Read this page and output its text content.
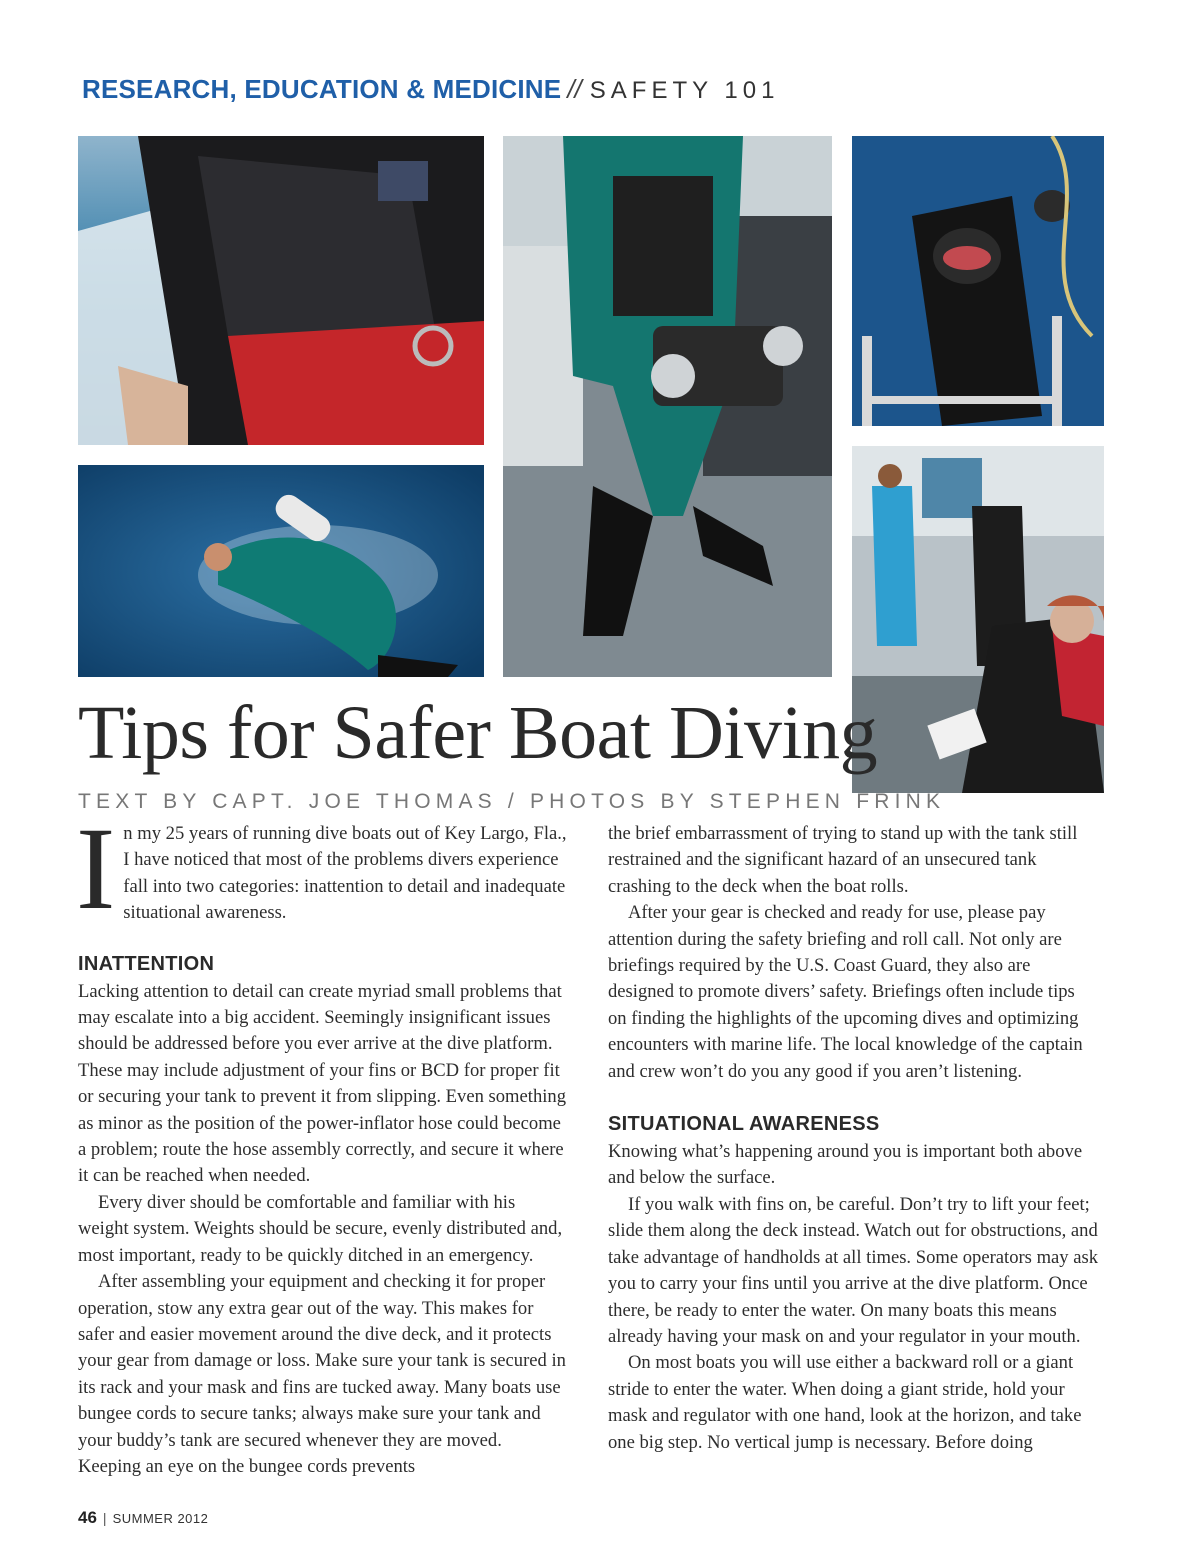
RESEARCH, EDUCATION & MEDICINE // SAFETY 101
Tips for Safer Boat Diving
TEXT BY CAPT. JOE THOMAS / PHOTOS BY STEPHEN FRINK

In my 25 years of running dive boats out of Key Largo, Fla., I have noticed that most of the problems divers experience fall into two categories: inattention to detail and inadequate situational awareness.

INATTENTION

Lacking attention to detail can create myriad small problems that may escalate into a big accident. Seemingly insignificant issues should be addressed before you ever arrive at the dive platform. These may include adjustment of your fins or BCD for proper fit or securing your tank to prevent it from slipping. Even something as minor as the position of the power-inflator hose could become a problem; route the hose assembly correctly, and secure it where it can be reached when needed.

Every diver should be comfortable and familiar with his weight system. Weights should be secure, evenly distributed and, most important, ready to be quickly ditched in an emergency.

After assembling your equipment and checking it for proper operation, stow any extra gear out of the way. This makes for safer and easier movement around the dive deck, and it protects your gear from damage or loss. Make sure your tank is secured in its rack and your mask and fins are tucked away. Many boats use bungee cords to secure tanks; always make sure your tank and your buddy’s tank are secured whenever they are moved. Keeping an eye on the bungee cords prevents

the brief embarrassment of trying to stand up with the tank still restrained and the significant hazard of an unsecured tank crashing to the deck when the boat rolls.

After your gear is checked and ready for use, please pay attention during the safety briefing and roll call. Not only are briefings required by the U.S. Coast Guard, they also are designed to promote divers’ safety. Briefings often include tips on finding the highlights of the upcoming dives and optimizing encounters with marine life. The local knowledge of the captain and crew won’t do you any good if you aren’t listening.

SITUATIONAL AWARENESS

Knowing what’s happening around you is important both above and below the surface.

If you walk with fins on, be careful. Don’t try to lift your feet; slide them along the deck instead. Watch out for obstructions, and take advantage of handholds at all times. Some operators may ask you to carry your fins until you arrive at the dive platform. Once there, be ready to enter the water. On many boats this means already having your mask on and your regulator in your mouth.

On most boats you will use either a backward roll or a giant stride to enter the water. When doing a giant stride, hold your mask and regulator with one hand, look at the horizon, and take one big step. No vertical jump is necessary. Before doing

46 | SUMMER 2012
